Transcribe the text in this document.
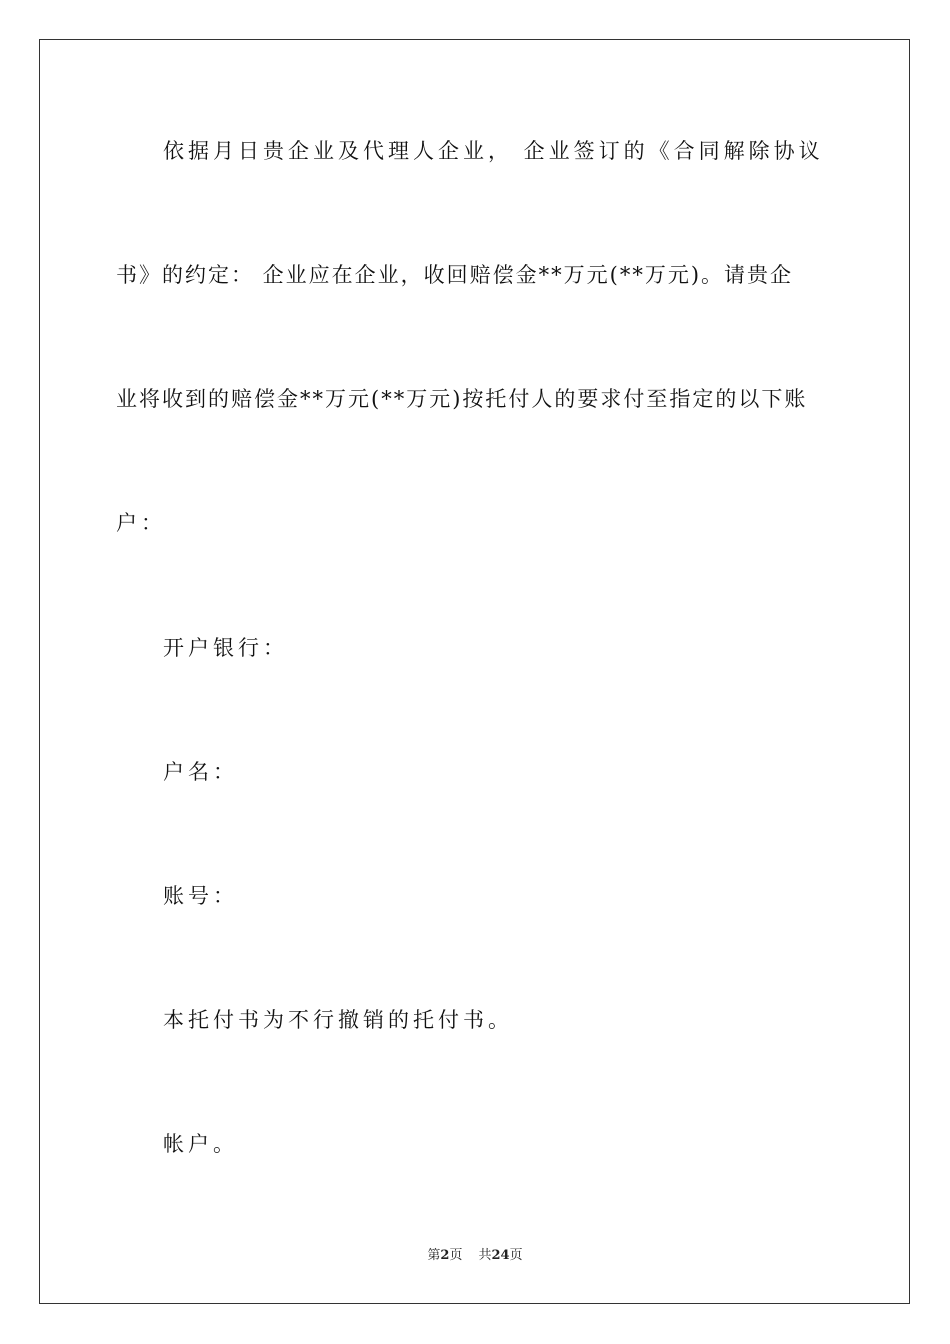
依据月日贵企业及代理人企业， 企业签订的《合同解除协议
书》的约定： 企业应在企业，收回赔偿金**万元(**万元)。请贵企
业将收到的赔偿金**万元(**万元)按托付人的要求付至指定的以下账
户：
开户银行：
户名：
账号：
本托付书为不行撤销的托付书。
帐户。
第2页 共24页
